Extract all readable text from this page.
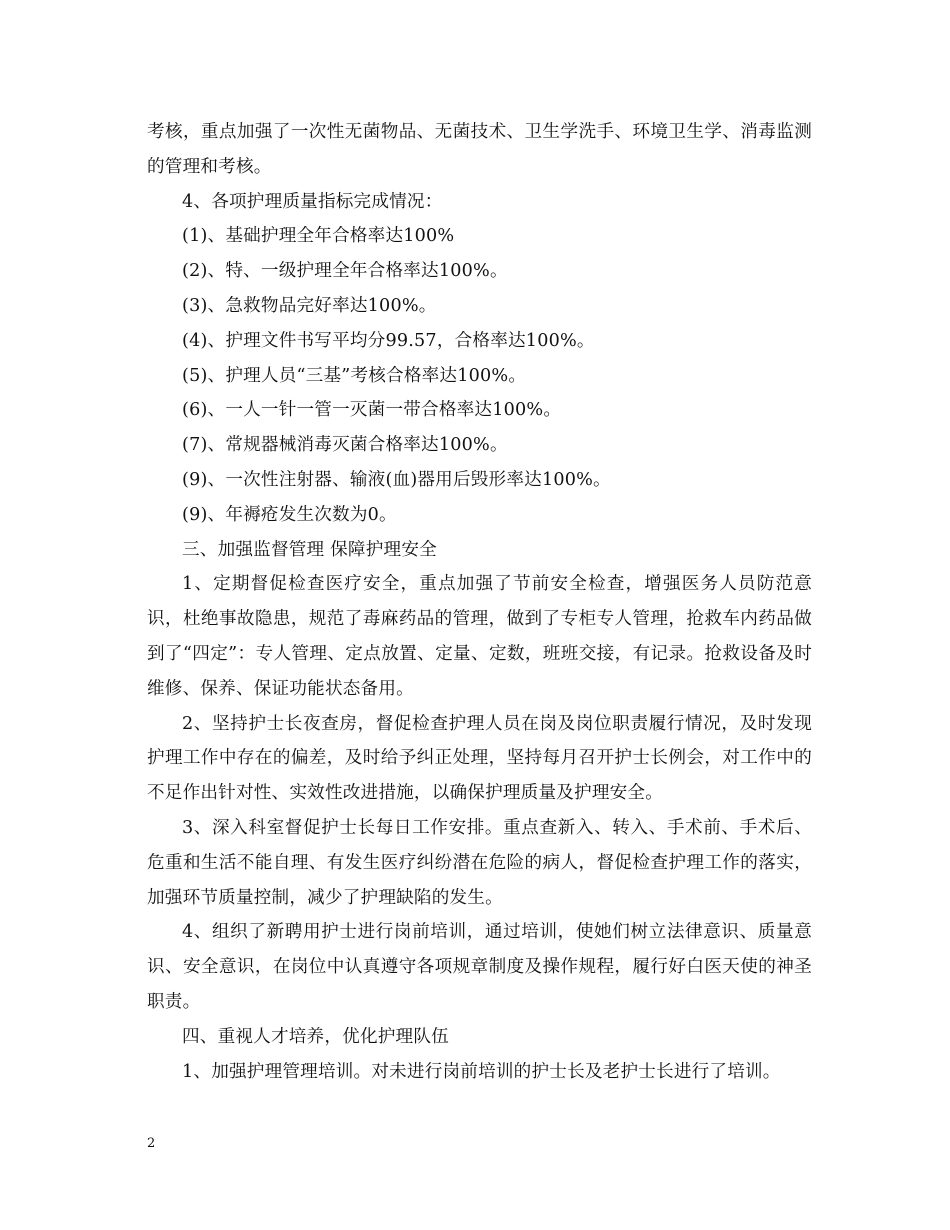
考核，重点加强了一次性无菌物品、无菌技术、卫生学洗手、环境卫生学、消毒监测的管理和考核。

4、各项护理质量指标完成情况：

(1)、基础护理全年合格率达100%

(2)、特、一级护理全年合格率达100%。

(3)、急救物品完好率达100%。

(4)、护理文件书写平均分99.57，合格率达100%。

(5)、护理人员“三基”考核合格率达100%。

(6)、一人一针一管一灭菌一带合格率达100%。

(7)、常规器械消毒灭菌合格率达100%。

(9)、一次性注射器、输液(血)器用后毁形率达100%。

(9)、年褥疮发生次数为0。

三、加强监督管理 保障护理安全

1、定期督促检查医疗安全，重点加强了节前安全检查，增强医务人员防范意识，杜绝事故隐患，规范了毒麻药品的管理，做到了专柜专人管理，抢救车内药品做到了“四定”：专人管理、定点放置、定量、定数，班班交接，有记录。抢救设备及时维修、保养、保证功能状态备用。

2、坚持护士长夜查房，督促检查护理人员在岗及岗位职责履行情况，及时发现护理工作中存在的偏差，及时给予纠正处理，坚持每月召开护士长例会，对工作中的不足作出针对性、实效性改进措施，以确保护理质量及护理安全。

3、深入科室督促护士长每日工作安排。重点查新入、转入、手术前、手术后、危重和生活不能自理、有发生医疗纠纷潜在危险的病人，督促检查护理工作的落实，加强环节质量控制，减少了护理缺陷的发生。

4、组织了新聘用护士进行岗前培训，通过培训，使她们树立法律意识、质量意识、安全意识，在岗位中认真遵守各项规章制度及操作规程，履行好白医天使的神圣职责。

四、重视人才培养，优化护理队伍

1、加强护理管理培训。对未进行岗前培训的护士长及老护士长进行了培训。

2
